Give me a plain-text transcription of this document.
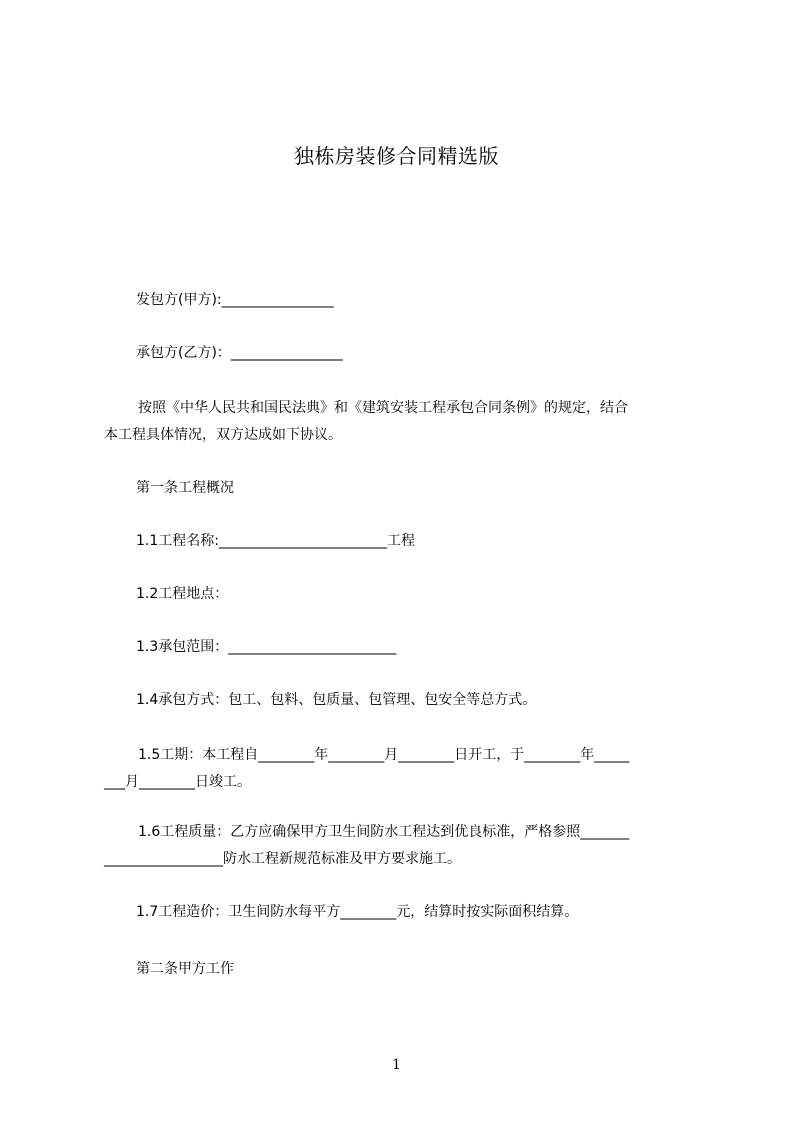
独栋房装修合同精选版
发包方(甲方):________________
承包方(乙方)：________________
按照《中华人民共和国民法典》和《建筑安装工程承包合同条例》的规定，结合
本工程具体情况，双方达成如下协议。
第一条工程概况
1.1工程名称:________________________工程
1.2工程地点：
1.3承包范围：________________________
1.4承包方式：包工、包料、包质量、包管理、包安全等总方式。
1.5工期：本工程自________年________月________日开工，于________年_____
___月________日竣工。
1.6工程质量：乙方应确保甲方卫生间防水工程达到优良标准，严格参照_______
_________________防水工程新规范标准及甲方要求施工。
1.7工程造价：卫生间防水每平方________元，结算时按实际面积结算。
第二条甲方工作
1
